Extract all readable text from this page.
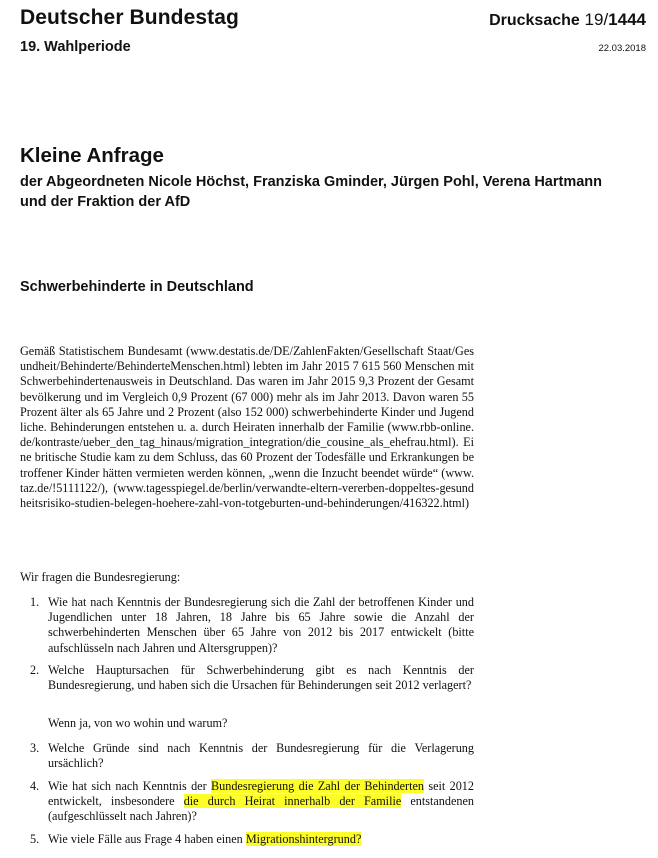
Deutscher Bundestag
19. Wahlperiode
Drucksache 19/1444
22.03.2018
Kleine Anfrage
der Abgeordneten Nicole Höchst, Franziska Gminder, Jürgen Pohl, Verena Hartmann und der Fraktion der AfD
Schwerbehinderte in Deutschland

Gemäß Statistischem Bundesamt (www.destatis.de/DE/ZahlenFakten/Gesellschaft Staat/Gesundheit/Behinderte/BehinderteMenschen.html) lebten im Jahr 2015 7 615 560 Menschen mit Schwerbehindertenausweis in Deutschland. Das waren im Jahr 2015 9,3 Prozent der Gesamtbevölkerung und im Vergleich 0,9 Prozent (67 000) mehr als im Jahr 2013. Davon waren 55 Prozent älter als 65 Jahre und 2 Prozent (also 152 000) schwerbehinderte Kinder und Jugendliche. Behinderungen entstehen u. a. durch Heiraten innerhalb der Familie (www.rbb-online.de/kontraste/ueber_den_tag_hinaus/migration_integration/die_cousine_als_ehefrau.html). Eine britische Studie kam zu dem Schluss, das 60 Prozent der Todesfälle und Erkrankungen betroffener Kinder hätten vermieten werden können, „wenn die Inzucht beendet würde“ (www.taz.de/!5111122/), (www.tagesspiegel.de/berlin/verwandte-eltern-vererben-doppeltes-gesundheitsrisiko-studien-belegen-hoehere-zahl-von-totgeburten-und-behinderungen/416322.html)

Wir fragen die Bundesregierung:

1. Wie hat nach Kenntnis der Bundesregierung sich die Zahl der betroffenen Kinder und Jugendlichen unter 18 Jahren, 18 Jahre bis 65 Jahre sowie die Anzahl der schwerbehinderten Menschen über 65 Jahre von 2012 bis 2017 entwickelt (bitte aufschlüsseln nach Jahren und Altersgruppen)?
2. Welche Hauptursachen für Schwerbehinderung gibt es nach Kenntnis der Bundesregierung, und haben sich die Ursachen für Behinderungen seit 2012 verlagert?
Wenn ja, von wo wohin und warum?
3. Welche Gründe sind nach Kenntnis der Bundesregierung für die Verlagerung ursächlich?
4. Wie hat sich nach Kenntnis der Bundesregierung die Zahl der Behinderten seit 2012 entwickelt, insbesondere die durch Heirat innerhalb der Familie entstandenen (aufgeschlüsselt nach Jahren)?
5. Wie viele Fälle aus Frage 4 haben einen Migrationshintergrund?
